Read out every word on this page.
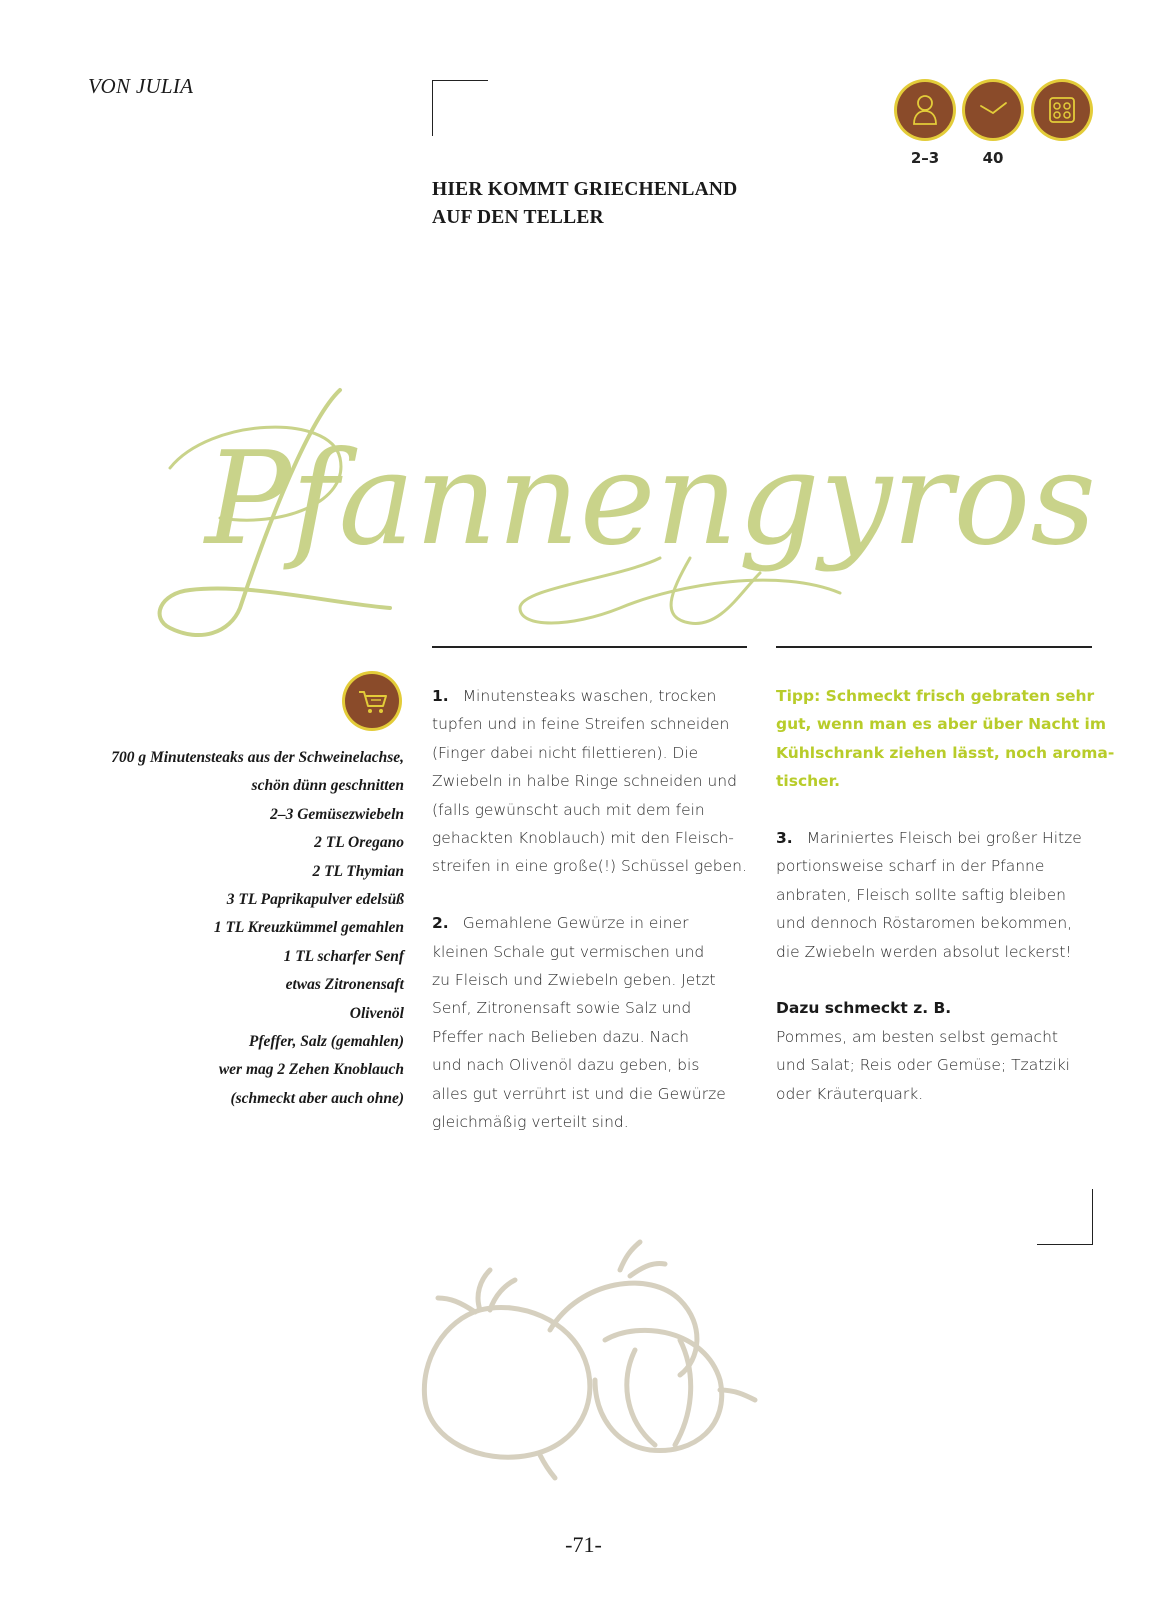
VON JULIA
HIER KOMMT GRIECHENLAND
AUF DEN TELLER
2–3	40
Pfannengyros
700 g Minutensteaks aus der Schweinelachse,
schön dünn geschnitten
2–3 Gemüsezwiebeln
2 TL Oregano
2 TL Thymian
3 TL Paprikapulver edelsüß
1 TL Kreuzkümmel gemahlen
1 TL scharfer Senf
etwas Zitronensaft
Olivenöl
Pfeffer, Salz (gemahlen)
wer mag 2 Zehen Knoblauch
(schmeckt aber auch ohne)
1. Minutensteaks waschen, trocken
tupfen und in feine Streifen schneiden
(Finger dabei nicht filettieren). Die
Zwiebeln in halbe Ringe schneiden und
(falls gewünscht auch mit dem fein
gehackten Knoblauch) mit den Fleisch-
streifen in eine große(!) Schüssel geben.
2. Gemahlene Gewürze in einer
kleinen Schale gut vermischen und
zu Fleisch und Zwiebeln geben. Jetzt
Senf, Zitronensaft sowie Salz und
Pfeffer nach Belieben dazu. Nach
und nach Olivenöl dazu geben, bis
alles gut verrührt ist und die Gewürze
gleichmäßig verteilt sind.
Tipp: Schmeckt frisch gebraten sehr
gut, wenn man es aber über Nacht im
Kühlschrank ziehen lässt, noch aroma-
tischer.
3. Mariniertes Fleisch bei großer Hitze
portionsweise scharf in der Pfanne
anbraten, Fleisch sollte saftig bleiben
und dennoch Röstaromen bekommen,
die Zwiebeln werden absolut leckerst!
Dazu schmeckt z. B.
Pommes, am besten selbst gemacht
und Salat; Reis oder Gemüse; Tzatziki
oder Kräuterquark.
-71-
